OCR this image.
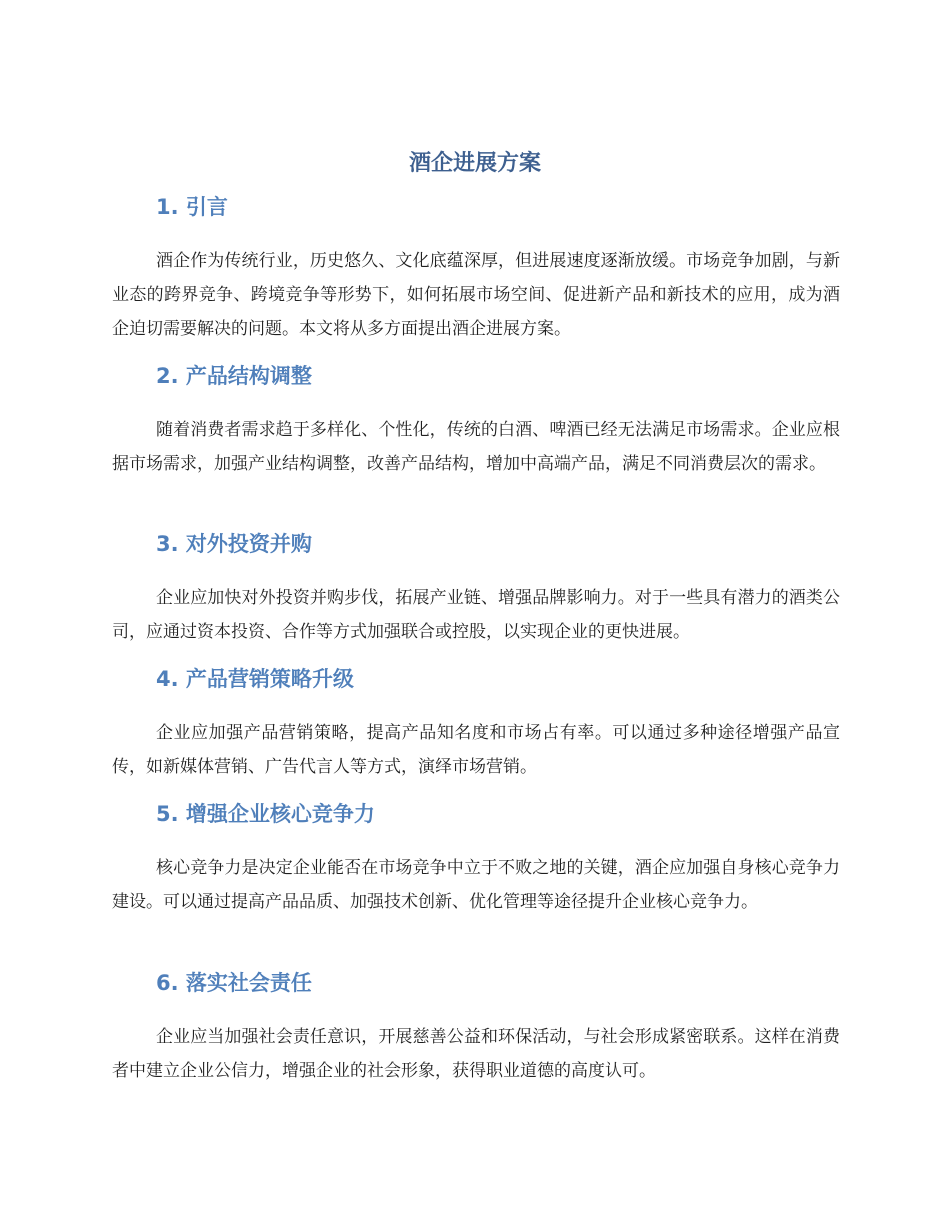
酒企进展方案
1. 引言

酒企作为传统行业，历史悠久、文化底蕴深厚，但进展速度逐渐放缓。市场竞争加剧，与新业态的跨界竞争、跨境竞争等形势下，如何拓展市场空间、促进新产品和新技术的应用，成为酒企迫切需要解决的问题。本文将从多方面提出酒企进展方案。

2. 产品结构调整

随着消费者需求趋于多样化、个性化，传统的白酒、啤酒已经无法满足市场需求。企业应根据市场需求，加强产业结构调整，改善产品结构，增加中高端产品，满足不同消费层次的需求。

3. 对外投资并购

企业应加快对外投资并购步伐，拓展产业链、增强品牌影响力。对于一些具有潜力的酒类公司，应通过资本投资、合作等方式加强联合或控股，以实现企业的更快进展。

4. 产品营销策略升级

企业应加强产品营销策略，提高产品知名度和市场占有率。可以通过多种途径增强产品宣传，如新媒体营销、广告代言人等方式，演绎市场营销。

5. 增强企业核心竞争力

核心竞争力是决定企业能否在市场竞争中立于不败之地的关键，酒企应加强自身核心竞争力建设。可以通过提高产品品质、加强技术创新、优化管理等途径提升企业核心竞争力。

6. 落实社会责任

企业应当加强社会责任意识，开展慈善公益和环保活动，与社会形成紧密联系。这样在消费者中建立企业公信力，增强企业的社会形象，获得职业道德的高度认可。
